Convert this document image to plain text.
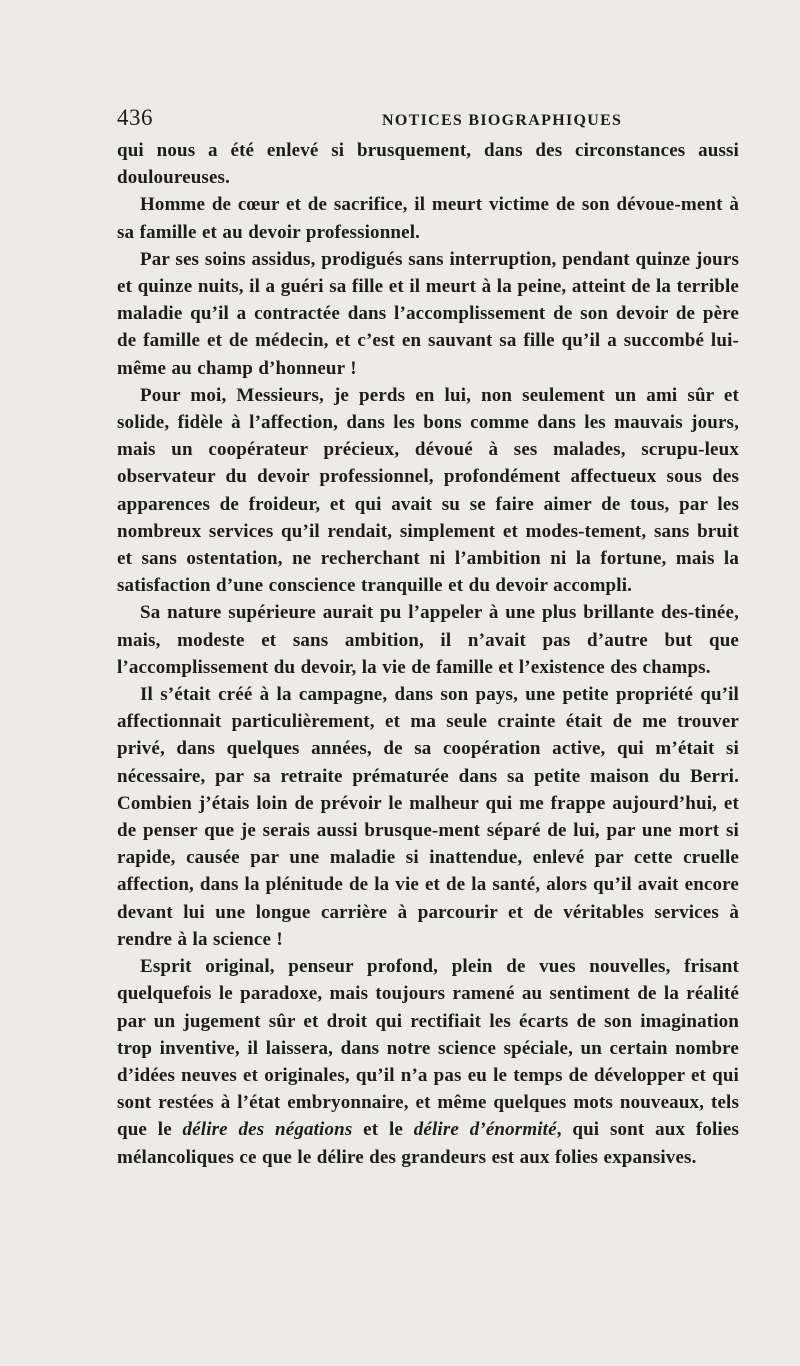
436	NOTICES BIOGRAPHIQUES

qui nous a été enlevé si brusquement, dans des circonstances aussi douloureuses.

Homme de cœur et de sacrifice, il meurt victime de son dévoue-ment à sa famille et au devoir professionnel.

Par ses soins assidus, prodigués sans interruption, pendant quinze jours et quinze nuits, il a guéri sa fille et il meurt à la peine, atteint de la terrible maladie qu’il a contractée dans l’accomplissement de son devoir de père de famille et de médecin, et c’est en sauvant sa fille qu’il a succombé lui-même au champ d’honneur !

Pour moi, Messieurs, je perds en lui, non seulement un ami sûr et solide, fidèle à l’affection, dans les bons comme dans les mauvais jours, mais un coopérateur précieux, dévoué à ses malades, scrupu-leux observateur du devoir professionnel, profondément affectueux sous des apparences de froideur, et qui avait su se faire aimer de tous, par les nombreux services qu’il rendait, simplement et modes-tement, sans bruit et sans ostentation, ne recherchant ni l’ambition ni la fortune, mais la satisfaction d’une conscience tranquille et du devoir accompli.

Sa nature supérieure aurait pu l’appeler à une plus brillante des-tinée, mais, modeste et sans ambition, il n’avait pas d’autre but que l’accomplissement du devoir, la vie de famille et l’existence des champs.

Il s’était créé à la campagne, dans son pays, une petite propriété qu’il affectionnait particulièrement, et ma seule crainte était de me trouver privé, dans quelques années, de sa coopération active, qui m’était si nécessaire, par sa retraite prématurée dans sa petite maison du Berri. Combien j’étais loin de prévoir le malheur qui me frappe aujourd’hui, et de penser que je serais aussi brusque-ment séparé de lui, par une mort si rapide, causée par une maladie si inattendue, enlevé par cette cruelle affection, dans la plénitude de la vie et de la santé, alors qu’il avait encore devant lui une longue carrière à parcourir et de véritables services à rendre à la science !

Esprit original, penseur profond, plein de vues nouvelles, frisant quelquefois le paradoxe, mais toujours ramené au sentiment de la réalité par un jugement sûr et droit qui rectifiait les écarts de son imagination trop inventive, il laissera, dans notre science spéciale, un certain nombre d’idées neuves et originales, qu’il n’a pas eu le temps de développer et qui sont restées à l’état embryonnaire, et même quelques mots nouveaux, tels que le délire des négations et le délire d’énormité, qui sont aux folies mélancoliques ce que le délire des grandeurs est aux folies expansives.
